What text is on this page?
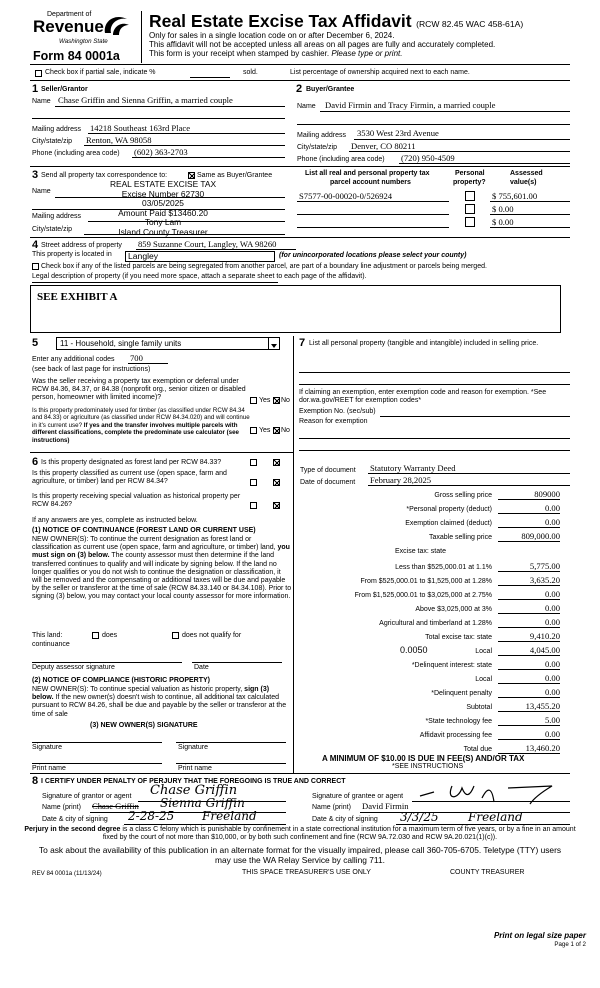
Department of
Revenue
Washington State
Form 84 0001a
Real Estate Excise Tax Affidavit (RCW 82.45 WAC 458-61A)
Only for sales in a single location code on or after December 6, 2024.
This affidavit will not be accepted unless all areas on all pages are fully and accurately completed.
This form is your receipt when stamped by cashier. Please type or print.
Check box if partial sale, indicate %	sold.	List percentage of ownership acquired next to each name.
1 Seller/Grantor
Name Chase Griffin and Sienna Griffin, a married couple
Mailing address 14218 Southeast 163rd Place
City/state/zip Renton, WA 98058
Phone (including area code) (602) 363-2703
2 Buyer/Grantee
Name David Firmin and Tracy Firmin, a married couple
Mailing address 3530 West 23rd Avenue
City/state/zip Denver, CO 80211
Phone (including area code) (720) 950-4509
3 Send all property tax correspondence to:	Same as Buyer/Grantee
Name
REAL ESTATE EXCISE TAX
Excise Number 62730
03/05/2025
Amount Paid $13460.20
Tony Lam
Island County Treasurer
Mailing address
City/state/zip
List all real and personal property tax
parcel account numbers
Personal
property?
Assessed
value(s)
S7577-00-00020-0/526924	$ 755,601.00
$ 0.00
$ 0.00
4 Street address of property 859 Suzanne Court, Langley, WA 98260
This property is located in Langley	(for unincorporated locations please select your county)
Check box if any of the listed parcels are being segregated from another parcel, are part of a boundary line adjustment or parcels being merged.
Legal description of property (if you need more space, attach a separate sheet to each page of the affidavit).
SEE EXHIBIT A
5	11 - Household, single family units
Enter any additional codes 700
(see back of last page for instructions)
Was the seller receiving a property tax exemption or deferral under RCW 84.36, 84.37, or 84.38 (nonprofit org., senior citizen or disabled person, homeowner with limited income)?	Yes No
Is this property predominately used for timber (as classified under RCW 84.34 and 84.33) or agriculture (as classified under RCW 84.34.020) and will continue in it's current use? If yes and the transfer involves multiple parcels with different classifications, complete the predominate use calculator (see instructions)
Yes No
7 List all personal property (tangible and intangible) included in selling price.
If claiming an exemption, enter exemption code and reason for exemption. *See dor.wa.gov/REET for exemption codes*
Exemption No. (sec/sub)
Reason for exemption
6 Is this property designated as forest land per RCW 84.33?
Is this property classified as current use (open space, farm and agriculture, or timber) land per RCW 84.34?
Is this property receiving special valuation as historical property per RCW 84.26?
If any answers are yes, complete as instructed below.
(1) NOTICE OF CONTINUANCE (FOREST LAND OR CURRENT USE)
NEW OWNER(S): To continue the current designation as forest land or classification as current use (open space, farm and agriculture, or timber) land, you must sign on (3) below. The county assessor must then determine if the land transferred continues to qualify and will indicate by signing below. If the land no longer qualifies or you do not wish to continue the designation or classification, it will be removed and the compensating or additional taxes will be due and payable by the seller or transferor at the time of sale (RCW 84.33.140 or 84.34.108). Prior to signing (3) below, you may contact your local county assessor for more information.
This land:	does	does not qualify for
continuance
Deputy assessor signature	Date
(2) NOTICE OF COMPLIANCE (HISTORIC PROPERTY)
NEW OWNER(S): To continue special valuation as historic property, sign (3) below. If the new owner(s) doesn't wish to continue, all additional tax calculated pursuant to RCW 84.26, shall be due and payable by the seller or transferor at the time of sale
(3) NEW OWNER(S) SIGNATURE
Signature	Signature
Print name	Print name
Type of document Statutory Warranty Deed
Date of document February 28,2025
Gross selling price	809000
*Personal property (deduct)	0.00
Exemption claimed (deduct)	0.00
Taxable selling price	809,000.00
Excise tax: state
Less than $525,000.01 at 1.1%	5,775.00
From $525,000.01 to $1,525,000 at 1.28%	3,635.20
From $1,525,000.01 to $3,025,000 at 2.75%	0.00
Above $3,025,000 at 3%	0.00
Agricultural and timberland at 1.28%	0.00
Total excise tax: state	9,410.20
0.0050	Local	4,045.00
*Delinquent interest: state	0.00
Local	0.00
*Delinquent penalty	0.00
Subtotal	13,455.20
*State technology fee	5.00
Affidavit processing fee	0.00
Total due	13,460.20
A MINIMUM OF $10.00 IS DUE IN FEE(S) AND/OR TAX
*SEE INSTRUCTIONS
8 I CERTIFY UNDER PENALTY OF PERJURY THAT THE FOREGOING IS TRUE AND CORRECT
Signature of grantor or agent Chase Griffin
Name (print) Chase Griffin Sienna Griffin
Date & city of signing 2-28-25 Freeland
Signature of grantee or agent
Name (print) David Firmin
Date & city of signing 3/3/25 Freeland
Perjury in the second degree is a class C felony which is punishable by confinement in a state correctional institution for a maximum term of five years, or by a fine in an amount fixed by the court of not more than $10,000, or by both such confinement and fine (RCW 9A.72.030 and RCW 9A.20.021(1)(c)).
To ask about the availability of this publication in an alternate format for the visually impaired, please call 360-705-6705. Teletype (TTY) users may use the WA Relay Service by calling 711.
REV 84 0001a (11/13/24)	THIS SPACE TREASURER'S USE ONLY	COUNTY TREASURER
Print on legal size paper
Page 1 of 2
